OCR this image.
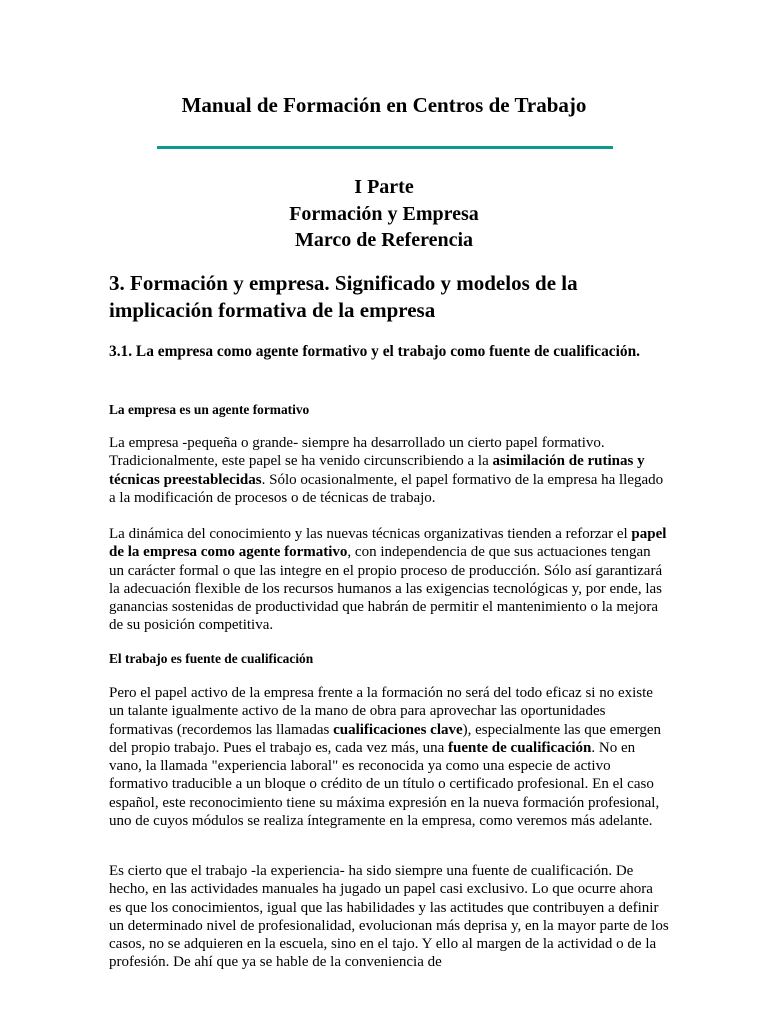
Manual de Formación en Centros de Trabajo
I Parte
Formación y Empresa
Marco de Referencia
3. Formación y empresa. Significado y modelos de la implicación formativa de la empresa
3.1. La empresa como agente formativo y el trabajo como fuente de cualificación.
La empresa es un agente formativo

La empresa -pequeña o grande- siempre ha desarrollado un cierto papel formativo. Tradicionalmente, este papel se ha venido circunscribiendo a la asimilación de rutinas y técnicas preestablecidas. Sólo ocasionalmente, el papel formativo de la empresa ha llegado a la modificación de procesos o de técnicas de trabajo.

La dinámica del conocimiento y las nuevas técnicas organizativas tienden a reforzar el papel de la empresa como agente formativo, con independencia de que sus actuaciones tengan un carácter formal o que las integre en el propio proceso de producción. Sólo así garantizará la adecuación flexible de los recursos humanos a las exigencias tecnológicas y, por ende, las ganancias sostenidas de productividad que habrán de permitir el mantenimiento o la mejora de su posición competitiva.

El trabajo es fuente de cualificación

Pero el papel activo de la empresa frente a la formación no será del todo eficaz si no existe un talante igualmente activo de la mano de obra para aprovechar las oportunidades formativas (recordemos las llamadas cualificaciones clave), especialmente las que emergen del propio trabajo. Pues el trabajo es, cada vez más, una fuente de cualificación. No en vano, la llamada "experiencia laboral" es reconocida ya como una especie de activo formativo traducible a un bloque o crédito de un título o certificado profesional. En el caso español, este reconocimiento tiene su máxima expresión en la nueva formación profesional, uno de cuyos módulos se realiza íntegramente en la empresa, como veremos más adelante.

Es cierto que el trabajo -la experiencia- ha sido siempre una fuente de cualificación. De hecho, en las actividades manuales ha jugado un papel casi exclusivo. Lo que ocurre ahora es que los conocimientos, igual que las habilidades y las actitudes que contribuyen a definir un determinado nivel de profesionalidad, evolucionan más deprisa y, en la mayor parte de los casos, no se adquieren en la escuela, sino en el tajo. Y ello al margen de la actividad o de la profesión. De ahí que ya se hable de la conveniencia de
